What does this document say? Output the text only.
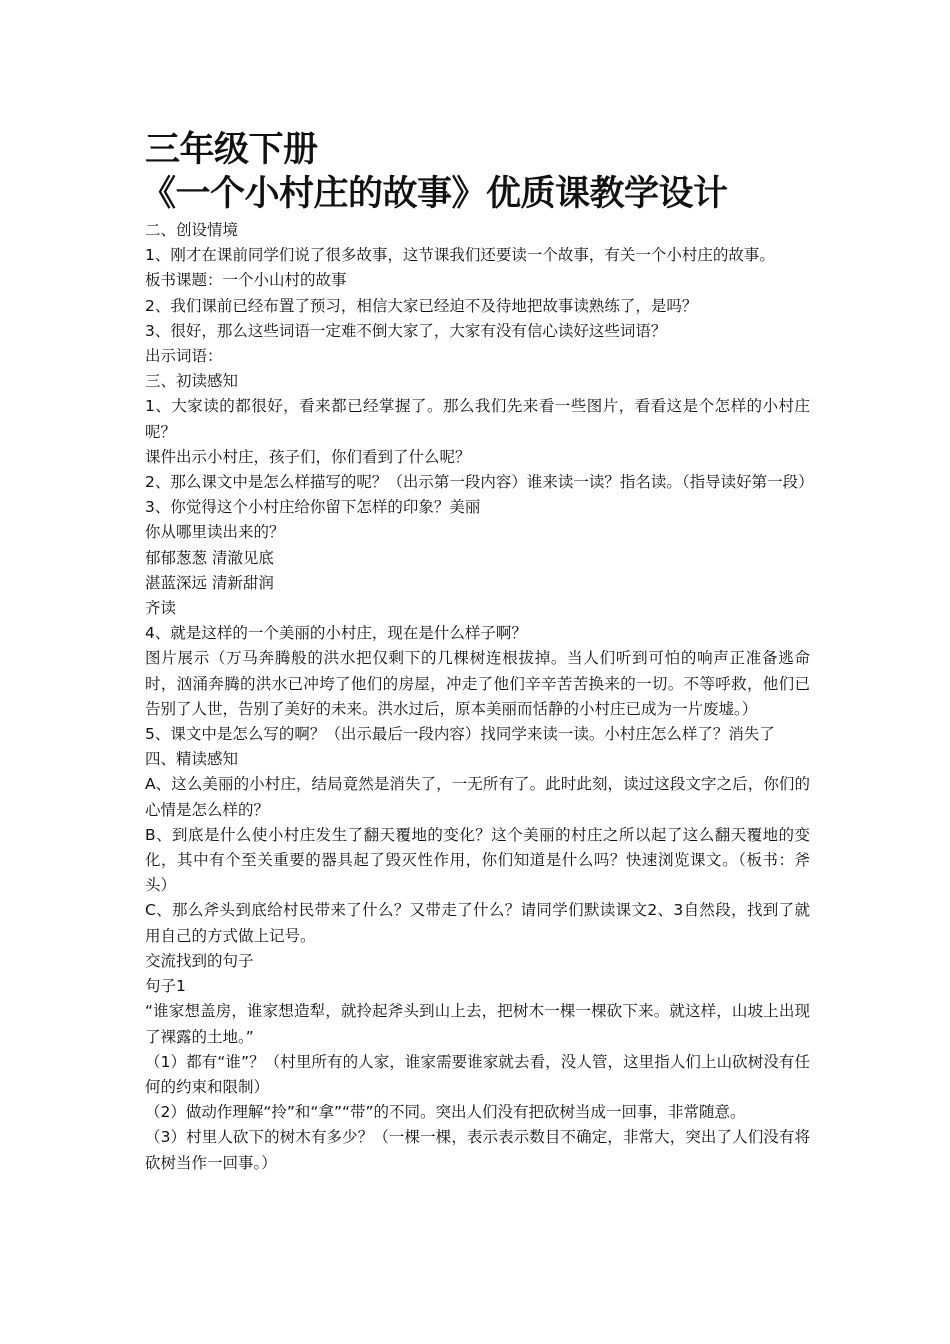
三年级下册
《一个小村庄的故事》优质课教学设计

二、创设情境

1、刚才在课前同学们说了很多故事，这节课我们还要读一个故事，有关一个小村庄的故事。

板书课题：一个小山村的故事

2、我们课前已经布置了预习，相信大家已经迫不及待地把故事读熟练了，是吗？

3、很好，那么这些词语一定难不倒大家了，大家有没有信心读好这些词语？

出示词语：

三、初读感知

1、大家读的都很好，看来都已经掌握了。那么我们先来看一些图片，看看这是个怎样的小村庄呢？

课件出示小村庄，孩子们，你们看到了什么呢？

2、那么课文中是怎么样描写的呢？（出示第一段内容）谁来读一读？指名读。（指导读好第一段）

3、你觉得这个小村庄给你留下怎样的印象？美丽

你从哪里读出来的？

郁郁葱葱 清澈见底

湛蓝深远 清新甜润

齐读

4、就是这样的一个美丽的小村庄，现在是什么样子啊？

图片展示（万马奔腾般的洪水把仅剩下的几棵树连根拔掉。当人们听到可怕的响声正准备逃命时，汹涌奔腾的洪水已冲垮了他们的房屋，冲走了他们辛辛苦苦换来的一切。不等呼救，他们已告别了人世，告别了美好的未来。洪水过后，原本美丽而恬静的小村庄已成为一片废墟。）

5、课文中是怎么写的啊？（出示最后一段内容）找同学来读一读。小村庄怎么样了？消失了

四、精读感知

A、这么美丽的小村庄，结局竟然是消失了，一无所有了。此时此刻，读过这段文字之后，你们的心情是怎么样的？

B、到底是什么使小村庄发生了翻天覆地的变化？这个美丽的村庄之所以起了这么翻天覆地的变化，其中有个至关重要的器具起了毁灭性作用，你们知道是什么吗？快速浏览课文。（板书：斧头）

C、那么斧头到底给村民带来了什么？又带走了什么？请同学们默读课文2、3自然段，找到了就用自己的方式做上记号。

交流找到的句子

句子1

“谁家想盖房，谁家想造犁，就拎起斧头到山上去，把树木一棵一棵砍下来。就这样，山坡上出现了裸露的土地。”

（1）都有“谁”？（村里所有的人家，谁家需要谁家就去看，没人管，这里指人们上山砍树没有任何的约束和限制）

（2）做动作理解“拎”和“拿”“带”的不同。突出人们没有把砍树当成一回事，非常随意。

（3）村里人砍下的树木有多少？（一棵一棵，表示表示数目不确定，非常大，突出了人们没有将砍树当作一回事。）
